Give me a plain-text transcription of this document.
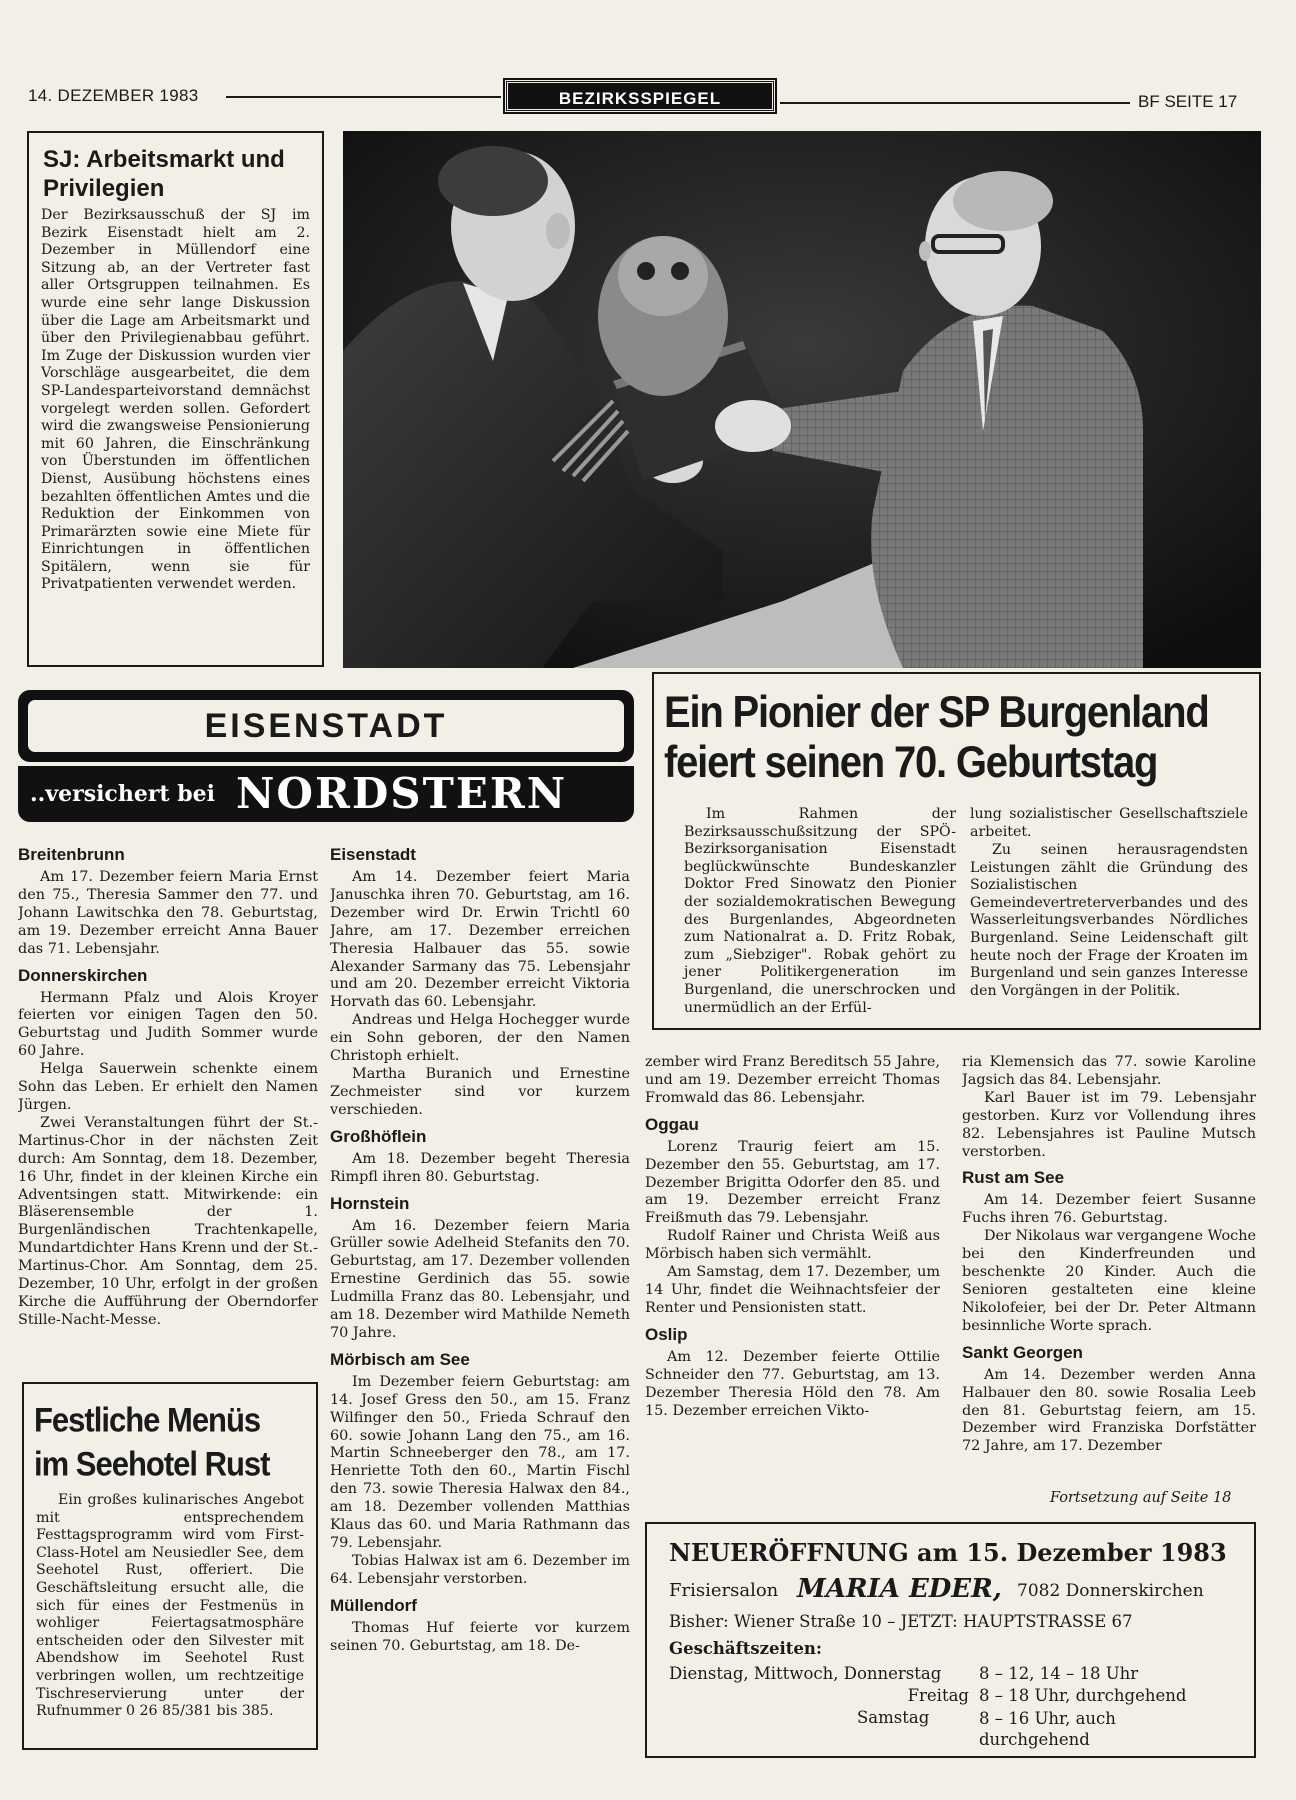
14. DEZEMBER 1983	BEZIRKSSPIEGEL	BF SEITE 17
SJ: Arbeitsmarkt und Privilegien

Der Bezirksausschuß der SJ im Bezirk Eisenstadt hielt am 2. Dezember in Müllendorf eine Sitzung ab, an der Vertreter fast aller Ortsgruppen teilnahmen. Es wurde eine sehr lange Diskussion über die Lage am Arbeitsmarkt und über den Privilegienabbau geführt. Im Zuge der Diskussion wurden vier Vorschläge ausgearbeitet, die dem SP-Landesparteivorstand demnächst vorgelegt werden sollen. Gefordert wird die zwangsweise Pensionierung mit 60 Jahren, die Einschränkung von Überstunden im öffentlichen Dienst, Ausübung höchstens eines bezahlten öffentlichen Amtes und die Reduktion der Einkommen von Primarärzten sowie eine Miete für Einrichtungen in öffentlichen Spitälern, wenn sie für Privatpatienten verwendet werden.

EISENSTADT
..versichert bei NORDSTERN
Ein Pionier der SP Burgenland
feiert seinen 70. Geburtstag

Im Rahmen der Bezirksausschußsitzung der SPÖ-Bezirksorganisation Eisenstadt beglückwünschte Bundeskanzler Doktor Fred Sinowatz den Pionier der sozialdemokratischen Bewegung des Burgenlandes, Abgeordneten zum Nationalrat a. D. Fritz Robak, zum „Siebziger". Robak gehört zu jener Politikergeneration im Burgenland, die unerschrocken und unermüdlich an der Erfül-

lung sozialistischer Gesellschaftsziele arbeitet.

Zu seinen herausragendsten Leistungen zählt die Gründung des Sozialistischen Gemeindevertreterverbandes und des Wasserleitungsverbandes Nördliches Burgenland. Seine Leidenschaft gilt heute noch der Frage der Kroaten im Burgenland und sein ganzes Interesse den Vorgängen in der Politik.

Breitenbrunn

Am 17. Dezember feiern Maria Ernst den 75., Theresia Sammer den 77. und Johann Lawitschka den 78. Geburtstag, am 19. Dezember erreicht Anna Bauer das 71. Lebensjahr.

Donnerskirchen

Hermann Pfalz und Alois Kroyer feierten vor einigen Tagen den 50. Geburtstag und Judith Sommer wurde 60 Jahre.

Helga Sauerwein schenkte einem Sohn das Leben. Er erhielt den Namen Jürgen.

Zwei Veranstaltungen führt der St.-Martinus-Chor in der nächsten Zeit durch: Am Sonntag, dem 18. Dezember, 16 Uhr, findet in der kleinen Kirche ein Adventsingen statt. Mitwirkende: ein Bläserensemble der 1. Burgenländischen Trachtenkapelle, Mundartdichter Hans Krenn und der St.-Martinus-Chor. Am Sonntag, dem 25. Dezember, 10 Uhr, erfolgt in der großen Kirche die Aufführung der Oberndorfer Stille-Nacht-Messe.

Eisenstadt

Am 14. Dezember feiert Maria Januschka ihren 70. Geburtstag, am 16. Dezember wird Dr. Erwin Trichtl 60 Jahre, am 17. Dezember erreichen Theresia Halbauer das 55. sowie Alexander Sarmany das 75. Lebensjahr und am 20. Dezember erreicht Viktoria Horvath das 60. Lebensjahr.

Andreas und Helga Hochegger wurde ein Sohn geboren, der den Namen Christoph erhielt.

Martha Buranich und Ernestine Zechmeister sind vor kurzem verschieden.

Großhöflein

Am 18. Dezember begeht Theresia Rimpfl ihren 80. Geburtstag.

Hornstein

Am 16. Dezember feiern Maria Grüller sowie Adelheid Stefanits den 70. Geburtstag, am 17. Dezember vollenden Ernestine Gerdinich das 55. sowie Ludmilla Franz das 80. Lebensjahr, und am 18. Dezember wird Mathilde Nemeth 70 Jahre.

Mörbisch am See

Im Dezember feiern Geburtstag: am 14. Josef Gress den 50., am 15. Franz Wilfinger den 50., Frieda Schrauf den 60. sowie Johann Lang den 75., am 16. Martin Schneeberger den 78., am 17. Henriette Toth den 60., Martin Fischl den 73. sowie Theresia Halwax den 84., am 18. Dezember vollenden Matthias Klaus das 60. und Maria Rathmann das 79. Lebensjahr.

Tobias Halwax ist am 6. Dezember im 64. Lebensjahr verstorben.

Müllendorf

Thomas Huf feierte vor kurzem seinen 70. Geburtstag, am 18. De-

zember wird Franz Bereditsch 55 Jahre, und am 19. Dezember erreicht Thomas Fromwald das 86. Lebensjahr.

Oggau

Lorenz Traurig feiert am 15. Dezember den 55. Geburtstag, am 17. Dezember Brigitta Odorfer den 85. und am 19. Dezember erreicht Franz Freißmuth das 79. Lebensjahr.

Rudolf Rainer und Christa Weiß aus Mörbisch haben sich vermählt.

Am Samstag, dem 17. Dezember, um 14 Uhr, findet die Weihnachtsfeier der Renter und Pensionisten statt.

Oslip

Am 12. Dezember feierte Ottilie Schneider den 77. Geburtstag, am 13. Dezember Theresia Höld den 78. Am 15. Dezember erreichen Vikto-

ria Klemensich das 77. sowie Karoline Jagsich das 84. Lebensjahr.

Karl Bauer ist im 79. Lebensjahr gestorben. Kurz vor Vollendung ihres 82. Lebensjahres ist Pauline Mutsch verstorben.

Rust am See

Am 14. Dezember feiert Susanne Fuchs ihren 76. Geburtstag.

Der Nikolaus war vergangene Woche bei den Kinderfreunden und beschenkte 20 Kinder. Auch die Senioren gestalteten eine kleine Nikolofeier, bei der Dr. Peter Altmann besinnliche Worte sprach.

Sankt Georgen

Am 14. Dezember werden Anna Halbauer den 80. sowie Rosalia Leeb den 81. Geburtstag feiern, am 15. Dezember wird Franziska Dorfstätter 72 Jahre, am 17. Dezember

Fortsetzung auf Seite 18
Festliche Menüs
im Seehotel Rust

Ein großes kulinarisches Angebot mit entsprechendem Festtagsprogramm wird vom First-Class-Hotel am Neusiedler See, dem Seehotel Rust, offeriert. Die Geschäftsleitung ersucht alle, die sich für eines der Festmenüs in wohliger Feiertagsatmosphäre entscheiden oder den Silvester mit Abendshow im Seehotel Rust verbringen wollen, um rechtzeitige Tischreservierung unter der Rufnummer 0 26 85/381 bis 385.

NEUERÖFFNUNG am 15. Dezember 1983
Frisiersalon MARIA EDER, 7082 Donnerskirchen
Bisher: Wiener Straße 10 – JETZT: HAUPTSTRASSE 67
Geschäftszeiten:
Dienstag, Mittwoch, Donnerstag 8 – 12, 14 – 18 Uhr
Freitag 8 – 18 Uhr, durchgehend
Samstag	8 – 16 Uhr, auch durchgehend
